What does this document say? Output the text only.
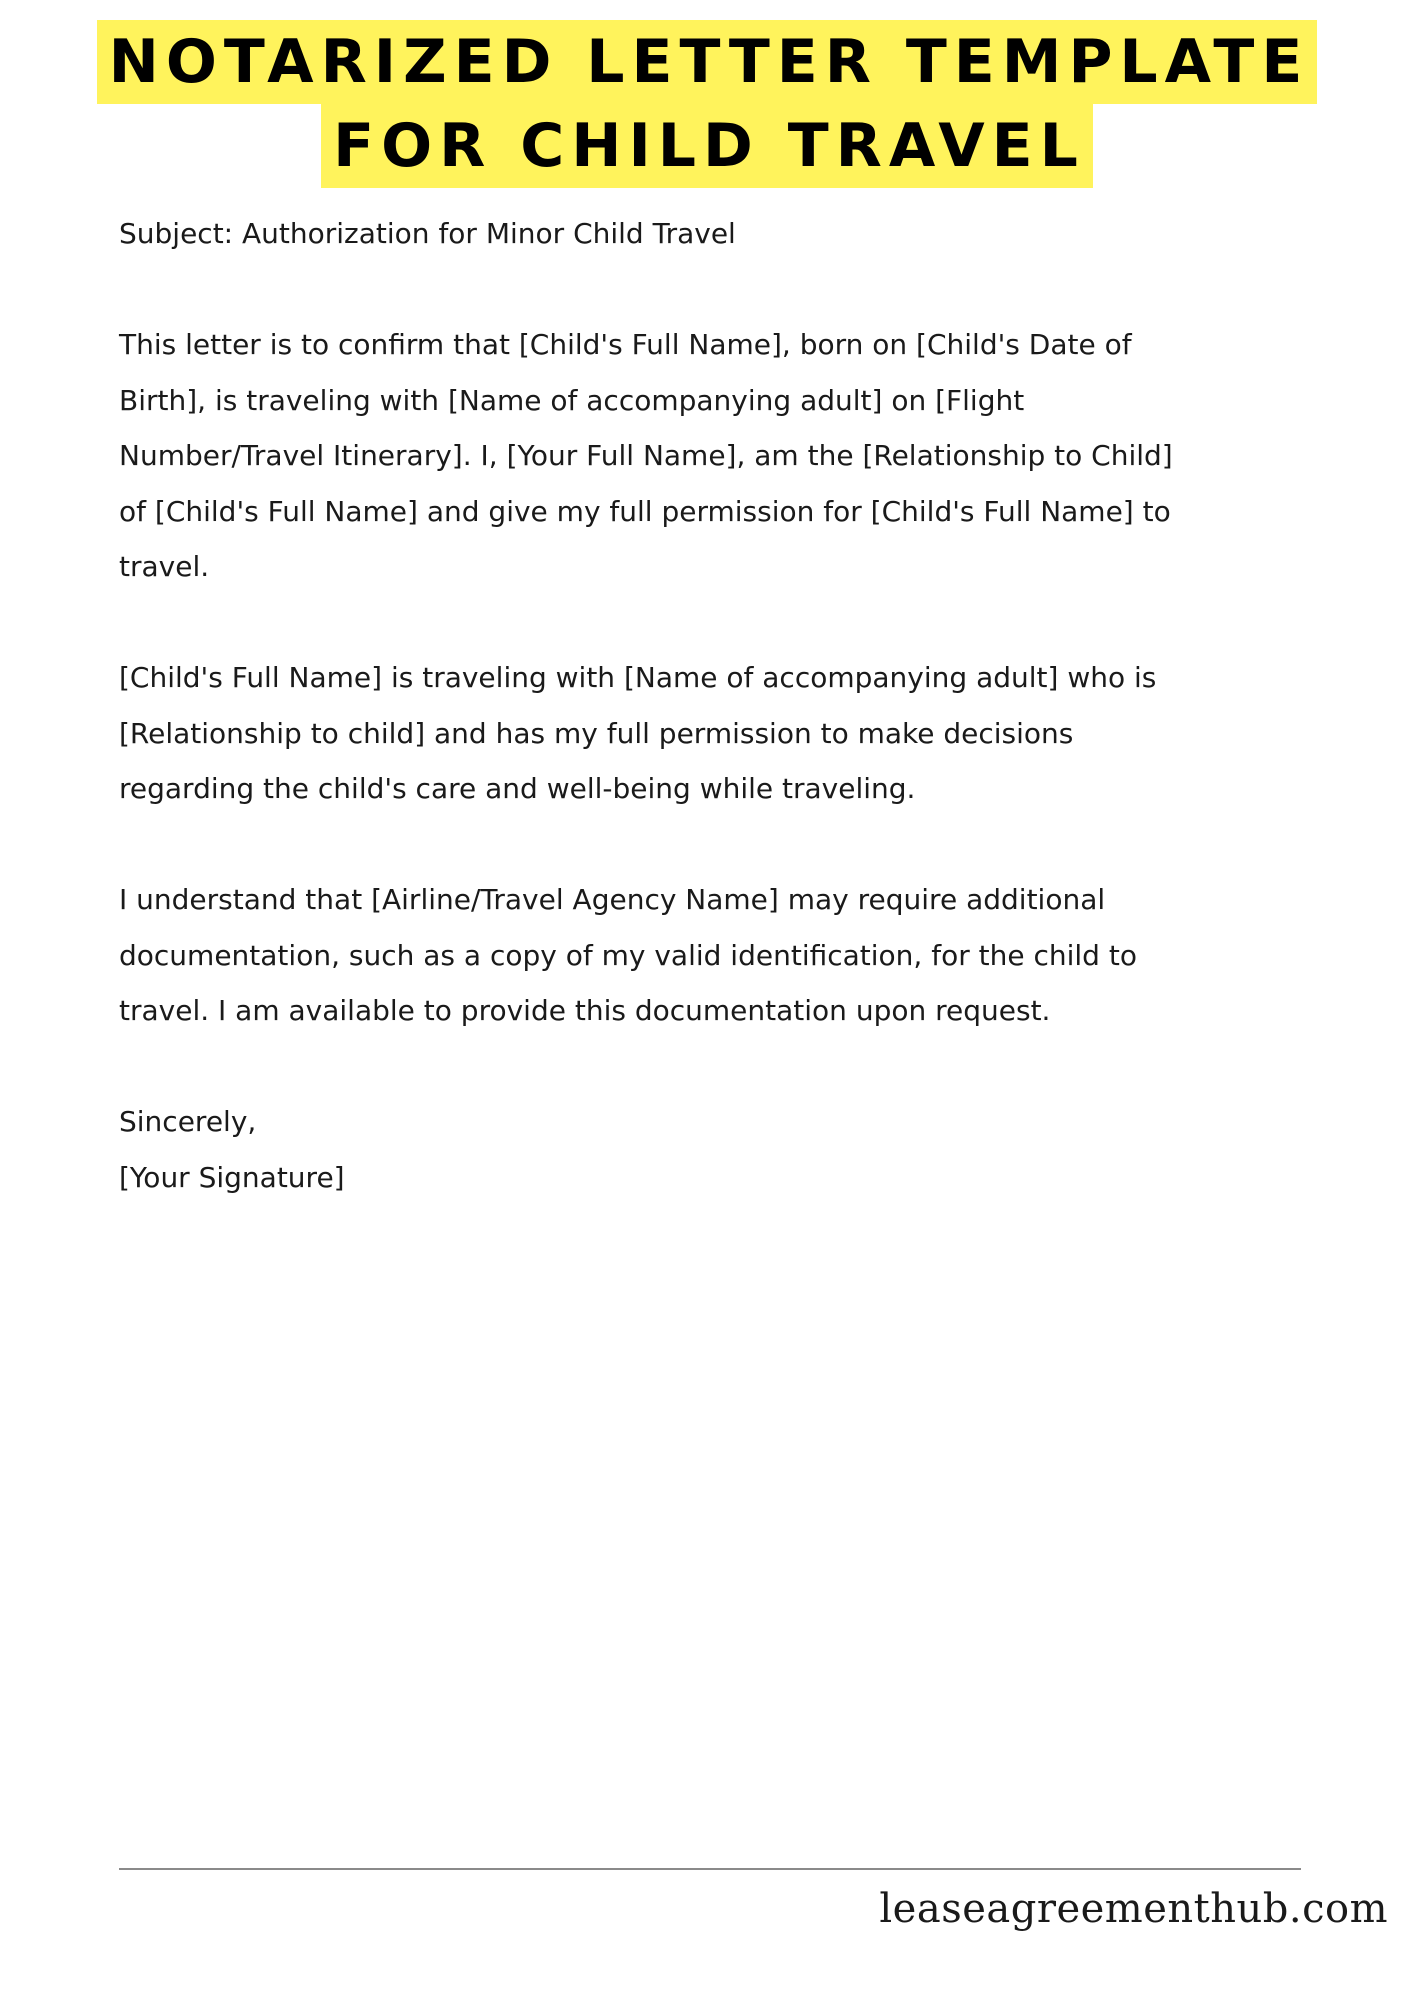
NOTARIZED LETTER TEMPLATE
FOR CHILD TRAVEL

Subject: Authorization for Minor Child Travel

This letter is to confirm that [Child's Full Name], born on [Child's Date of
Birth], is traveling with [Name of accompanying adult] on [Flight
Number/Travel Itinerary]. I, [Your Full Name], am the [Relationship to Child]
of [Child's Full Name] and give my full permission for [Child's Full Name] to
travel.

[Child's Full Name] is traveling with [Name of accompanying adult] who is
[Relationship to child] and has my full permission to make decisions
regarding the child's care and well-being while traveling.

I understand that [Airline/Travel Agency Name] may require additional
documentation, such as a copy of my valid identification, for the child to
travel. I am available to provide this documentation upon request.

Sincerely,
[Your Signature]

leaseagreementhub.com
